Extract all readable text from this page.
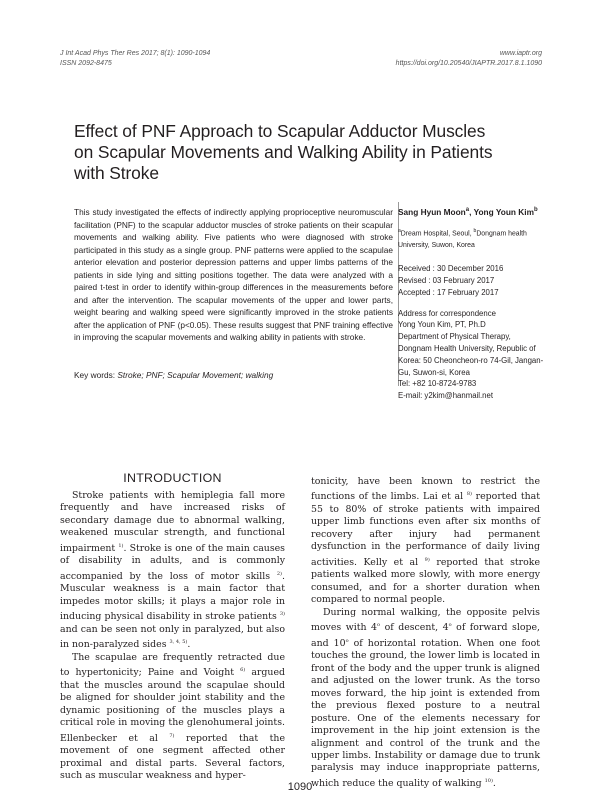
J Int Acad Phys Ther Res 2017; 8(1): 1090-1094
ISSN 2092-8475
www.iaptr.org
https://doi.org/10.20540/JIAPTR.2017.8.1.1090
Effect of PNF Approach to Scapular Adductor Muscles
on Scapular Movements and Walking Ability in Patients
with Stroke

This study investigated the effects of indirectly applying proprioceptive neuromuscular facilitation (PNF) to the scapular adductor muscles of stroke patients on their scapular movements and walking ability. Five patients who were diagnosed with stroke participated in this study as a single group. PNF patterns were applied to the scapulae anterior elevation and posterior depression patterns and upper limbs patterns of the patients in side lying and sitting positions together. The data were analyzed with a paired t-test in order to identify within-group differences in the measurements before and after the intervention. The scapular movements of the upper and lower parts, weight bearing and walking speed were significantly improved in the stroke patients after the application of PNF (p<0.05). These results suggest that PNF training effective in improving the scapular movements and walking ability in patients with stroke.

Sang Hyun Moon$^a$, Yong Youn Kim$^b$
$^a$Dream Hospital, Seoul, $^b$Dongnam health University, Suwon, Korea
Received : 30 December 2016
Revised : 03 February 2017
Accepted : 17 February 2017
Address for correspondence
Yong Youn Kim, PT, Ph.D
Department of Physical Therapy, Dongnam Health University, Republic of Korea: 50 Cheoncheon-ro 74-Gil, Jangan-Gu, Suwon-si, Korea
Tel: +82 10-8724-9783
E-mail: y2kim@hanmail.net
Key words: Stroke; PNF; Scapular Movement; walking
INTRODUCTION

Stroke patients with hemiplegia fall more frequently and have increased risks of secondary damage due to abnormal walking, weakened muscular strength, and functional impairment $^{1)}$. Stroke is one of the main causes of disability in adults, and is commonly accompanied by the loss of motor skills $^{2)}$. Muscular weakness is a main factor that impedes motor skills; it plays a major role in inducing physical disability in stroke patients $^{3)}$ and can be seen not only in paralyzed, but also in non-paralyzed sides $^{3, 4, 5)}$.

The scapulae are frequently retracted due to hypertonicity; Paine and Voight $^{6)}$ argued that the muscles around the scapulae should be aligned for shoulder joint stability and the dynamic positioning of the muscles plays a critical role in moving the glenohumeral joints. Ellenbecker et al $^{7)}$ reported that the movement of one segment affected other proximal and distal parts. Several factors, such as muscular weakness and hyper-

tonicity, have been known to restrict the functions of the limbs. Lai et al $^{8)}$ reported that 55 to 80% of stroke patients with impaired upper limb functions even after six months of recovery after injury had permanent dysfunction in the performance of daily living activities. Kelly et al $^{9)}$ reported that stroke patients walked more slowly, with more energy consumed, and for a shorter duration when compared to normal people.

During normal walking, the opposite pelvis moves with 4$^o$ of descent, 4$^o$ of forward slope, and 10$^o$ of horizontal rotation. When one foot touches the ground, the lower limb is located in front of the body and the upper trunk is aligned and adjusted on the lower trunk. As the torso moves forward, the hip joint is extended from the previous flexed posture to a neutral posture. One of the elements necessary for improvement in the hip joint extension is the alignment and control of the trunk and the upper limbs. Instability or damage due to trunk paralysis may induce inappropriate patterns, which reduce the quality of walking $^{10)}$.

1090
